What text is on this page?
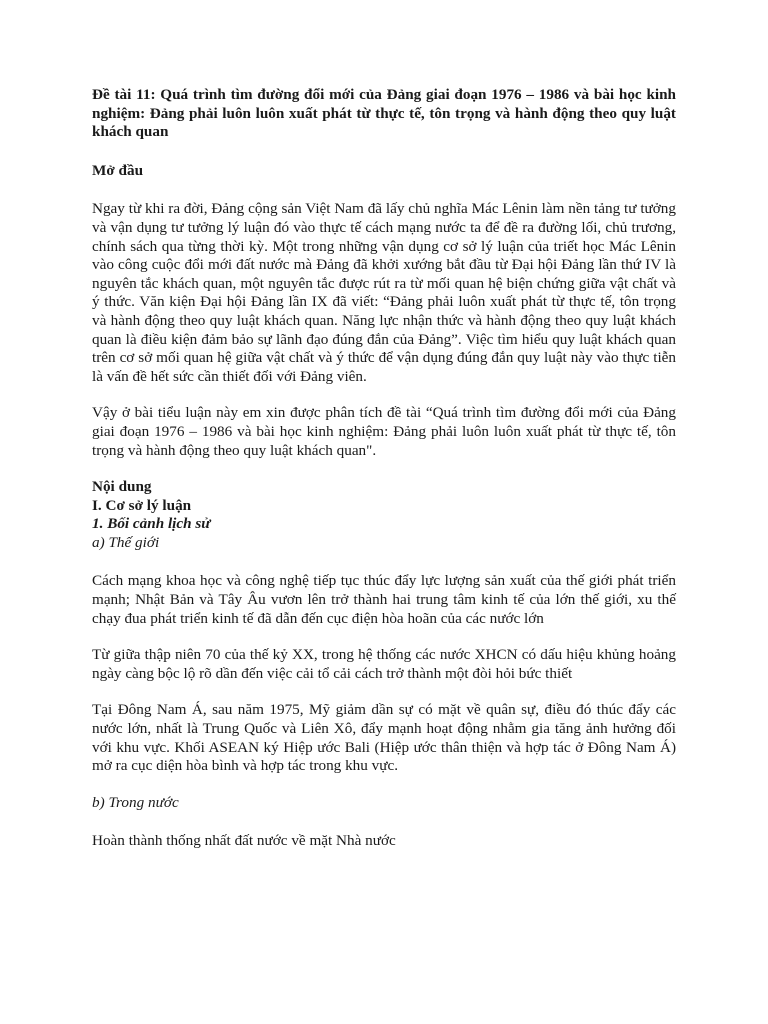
Đề tài 11: Quá trình tìm đường đổi mới của Đảng giai đoạn 1976 – 1986 và bài học kinh nghiệm: Đảng phải luôn luôn xuất phát từ thực tế, tôn trọng và hành động theo quy luật khách quan
Mở đầu

Ngay từ khi ra đời, Đảng cộng sản Việt Nam đã lấy chủ nghĩa Mác Lênin làm nền tảng tư tưởng và vận dụng tư tưởng lý luận đó vào thực tế cách mạng nước ta để đề ra đường lối, chủ trương, chính sách qua từng thời kỳ. Một trong những vận dụng cơ sở lý luận của triết học Mác Lênin vào công cuộc đổi mới đất nước mà Đảng đã khởi xướng bắt đầu từ Đại hội Đảng lần thứ IV là nguyên tắc khách quan, một nguyên tắc được rút ra từ mối quan hệ biện chứng giữa vật chất và ý thức. Văn kiện Đại hội Đảng lần IX đã viết: “Đảng phải luôn xuất phát từ thực tế, tôn trọng và hành động theo quy luật khách quan. Năng lực nhận thức và hành động theo quy luật khách quan là điều kiện đảm bảo sự lãnh đạo đúng đắn của Đảng”. Việc tìm hiểu quy luật khách quan trên cơ sở mối quan hệ giữa vật chất và ý thức để vận dụng đúng đắn quy luật này vào thực tiễn là vấn đề hết sức cần thiết đối với Đảng viên.

Vậy ở bài tiểu luận này em xin được phân tích đề tài “Quá trình tìm đường đổi mới của Đảng giai đoạn 1976 – 1986 và bài học kinh nghiệm: Đảng phải luôn luôn xuất phát từ thực tế, tôn trọng và hành động theo quy luật khách quan".

Nội dung
I. Cơ sở lý luận
1. Bối cảnh lịch sử
a) Thế giới

Cách mạng khoa học và công nghệ tiếp tục thúc đẩy lực lượng sản xuất của thế giới phát triển mạnh; Nhật Bản và Tây Âu vươn lên trở thành hai trung tâm kinh tế của lớn thế giới, xu thế chạy đua phát triển kinh tế đã dẫn đến cục điện hòa hoãn của các nước lớn

Từ giữa thập niên 70 của thế kỷ XX, trong hệ thống các nước XHCN có dấu hiệu khủng hoảng ngày càng bộc lộ rõ dần đến việc cải tổ cải cách trở thành một đòi hỏi bức thiết

Tại Đông Nam Á, sau năm 1975, Mỹ giảm dần sự có mặt về quân sự, điều đó thúc đẩy các nước lớn, nhất là Trung Quốc và Liên Xô, đẩy mạnh hoạt động nhằm gia tăng ảnh hưởng đối với khu vực. Khối ASEAN ký Hiệp ước Bali (Hiệp ước thân thiện và hợp tác ở Đông Nam Á) mở ra cục diện hòa bình và hợp tác trong khu vực.

b) Trong nước

Hoàn thành thống nhất đất nước về mặt Nhà nước
